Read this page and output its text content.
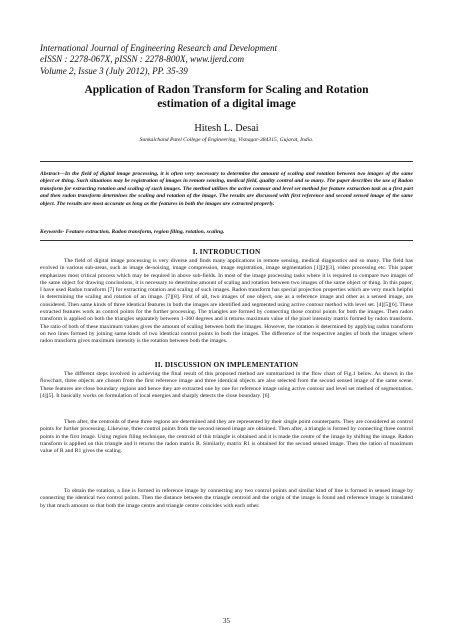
International Journal of Engineering Research and Development
eISSN : 2278-067X, pISSN : 2278-800X, www.ijerd.com
Volume 2, Issue 3 (July 2012), PP. 35-39
Application of Radon Transform for Scaling and Rotation
estimation of a digital image
Hitesh L. Desai
Sankalchand Patel College of Engineering, Visnagar-384315, Gujarat, India.
Abstract—In the field of digital image processing, it is often very necessary to determine the amount of scaling and rotation between two images of the same object or thing. Such situations may be registration of images in remote sensing, medical field, quality control and so many. The paper describes the use of Radon transform for extracting rotation and scaling of such images. The method utilizes the active contour and level set method for feature extraction task as a first part and then radon transform determines the scaling and rotation of the image. The results are discussed with first reference and second sensed image of the same object. The results are most accurate as long as the features in both the images are extracted properly.
Keywords- Feature extraction, Radon transform, region filing, rotation, scaling.
I. INTRODUCTION
The field of digital image processing is very diverse and finds many applications in remote sensing, medical diagnostics and so many. The field has evolved in various sub-areas, such as image de-noising, image compression, image registration, image segmentation [1][2][3], video processing etc. This paper emphasizes most critical process which may be required in above sub-fields. In most of the image processing tasks where it is required to compare two images of the same object for drawing conclusions, it is necessary to determine amount of scaling and rotation between two images of the same object or thing. In this paper, I have used Radon transform [7] for extracting rotation and scaling of such images. Radon transform has special projection properties which are very much helpful in determining the scaling and rotation of an image. [7][8]. First of all, two images of one object, one as a reference image and other as a sensed image, are considered. Then same kinds of three identical features in both the images are identified and segmented using active contour method with level set. [4][5][6]. These extracted features work as control points for the further processing. The triangles are formed by connecting those control points for both the images. Then radon transform is applied on both the triangles separately between 1-360 degrees and it returns maximum value of the pixel intensity matrix formed by radon transform. The ratio of both of these maximum values gives the amount of scaling between both the images. However, the rotation is determined by applying radon transform on two lines formed by joining same kinds of two identical control points in both the images. The difference of the respective angles of both the images where radon transform gives maximum intensity is the rotation between both the images.
II. DISCUSSION ON IMPLEMENTATION
The different steps involved in achieving the final result of this proposed method are summarized in the flow chart of Fig.1 below. As shown in the flowchart, three objects are chosen from the first reference image and three identical objects are also selected from the second sensed image of the same scene. These features are close boundary regions and hence they are extracted one by one for reference image using active contour and level set method of segmentation.[4][5]. It basically works on formulation of local energies and sharply detects the close boundary. [6].
Then after, the centroids of these three regions are determined and they are represented by their single point counterparts. They are considered as control points for further processing. Likewise, three control points from the second sensed image are obtained. Then after, a triangle is formed by connecting three control points in the first image. Using region filing technique, the centroid of this triangle is obtained and it is made the centre of the image by shifting the image. Radon transform is applied on this triangle and it returns the radon matrix R. Similarly, matrix R1 is obtained for the second sensed image. Then the ration of maximum value of R and R1 gives the scaling.
To obtain the rotation, a line is formed in reference image by connecting any two control points and similar kind of line is formed in sensed image by connecting the identical two control points. Then the distance between the triangle centroid and the origin of the image is found and reference image is translated by that much amount so that both the image centre and triangle centre coincides with each other.
35
